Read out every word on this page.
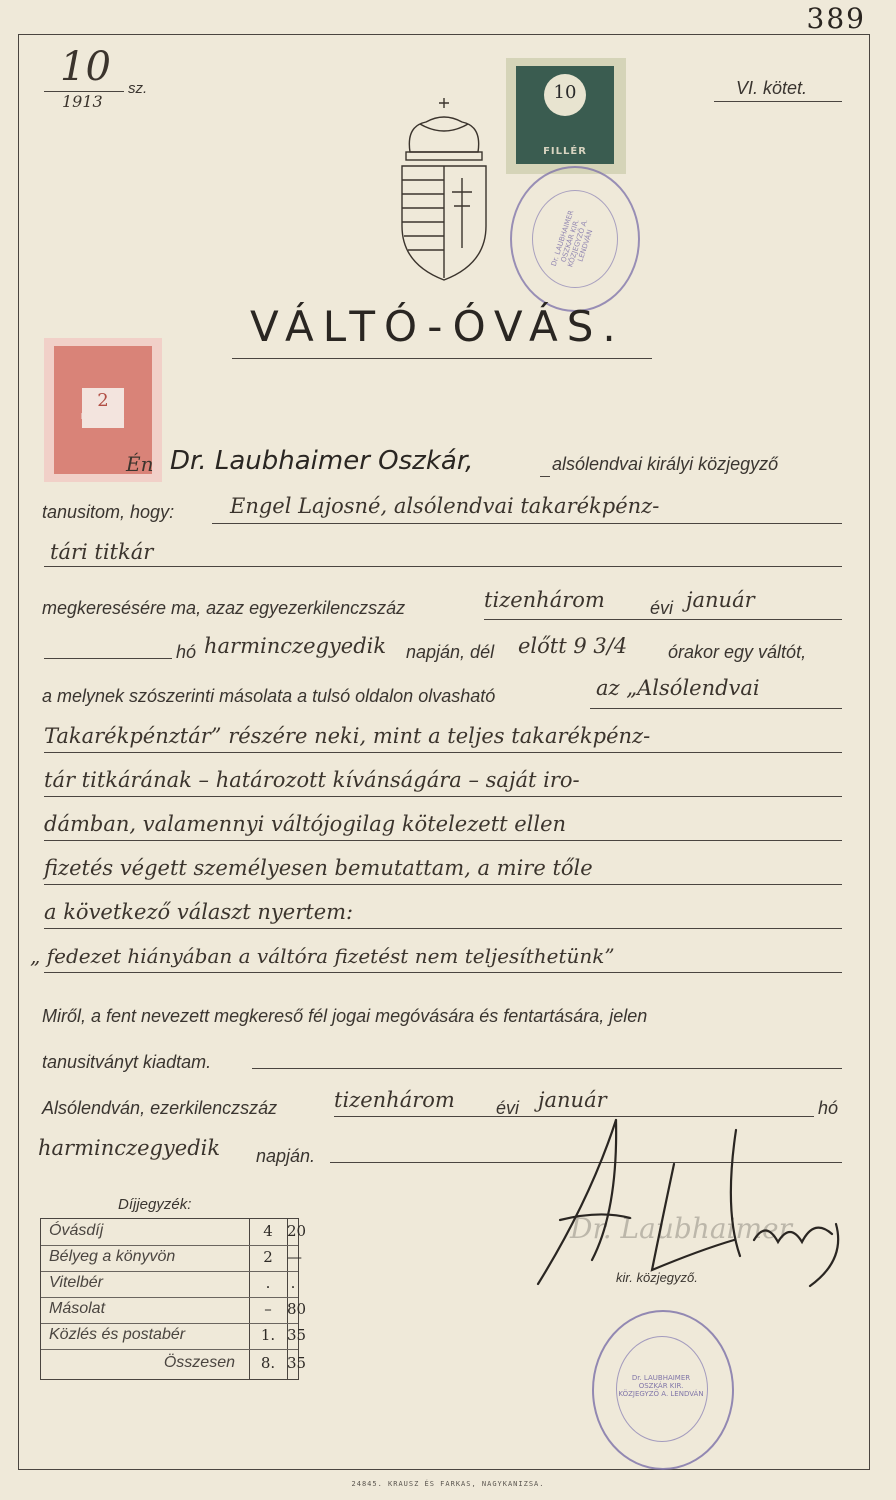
389
10 sz.
1913
VI. kötet.
10
FILLÉR
2
KORONA
Dr. LAUBHAIMER OSZKÁR KIR. KÖZJEGYZŐ A. LENDVÁN
VÁLTÓ-ÓVÁS.
Én Dr. Laubhaimer Oszkár,	alsólendvai királyi közjegyző
tanusitom, hogy:	Engel Lajosné, alsólendvai takarékpénz-
tári titkár
megkeresésére ma, azaz egyezerkilenczszáz	tizenhárom	évi január
hó harminczegyedik napján, dél előtt 9 3/4 órakor egy váltót,
a melynek szószerinti másolata a tulsó oldalon olvasható	az „Alsólendvai
Takarékpénztár” részére neki, mint a teljes takarékpénz-
tár titkárának – határozott kívánságára – saját iro-
dámban, valamennyi váltójogilag kötelezett ellen
fizetés végett személyesen bemutattam, a mire tőle
a következő választ nyertem:
„ fedezet hiányában a váltóra fizetést nem teljesíthetünk”
Miről, a fent nevezett megkereső fél jogai megóvására és fentartására, jelen
tanusitványt kiadtam.
Alsólendván, ezerkilenczszáz	tizenhárom évi január	hó
harminczegyedik napján.
Dr. Laubhaimer
kir. közjegyző.
Dr. LAUBHAIMER OSZKÁR KIR. KÖZJEGYZŐ A. LENDVÁN
Díjjegyzék:
Óvásdíj	4 20
Bélyeg a könyvön	2 —
Vitelbér	.	.
Másolat	–	80
Közlés és postabér	1. 35
Összesen	8. 35
24845. KRAUSZ ÉS FARKAS, NAGYKANIZSA.
